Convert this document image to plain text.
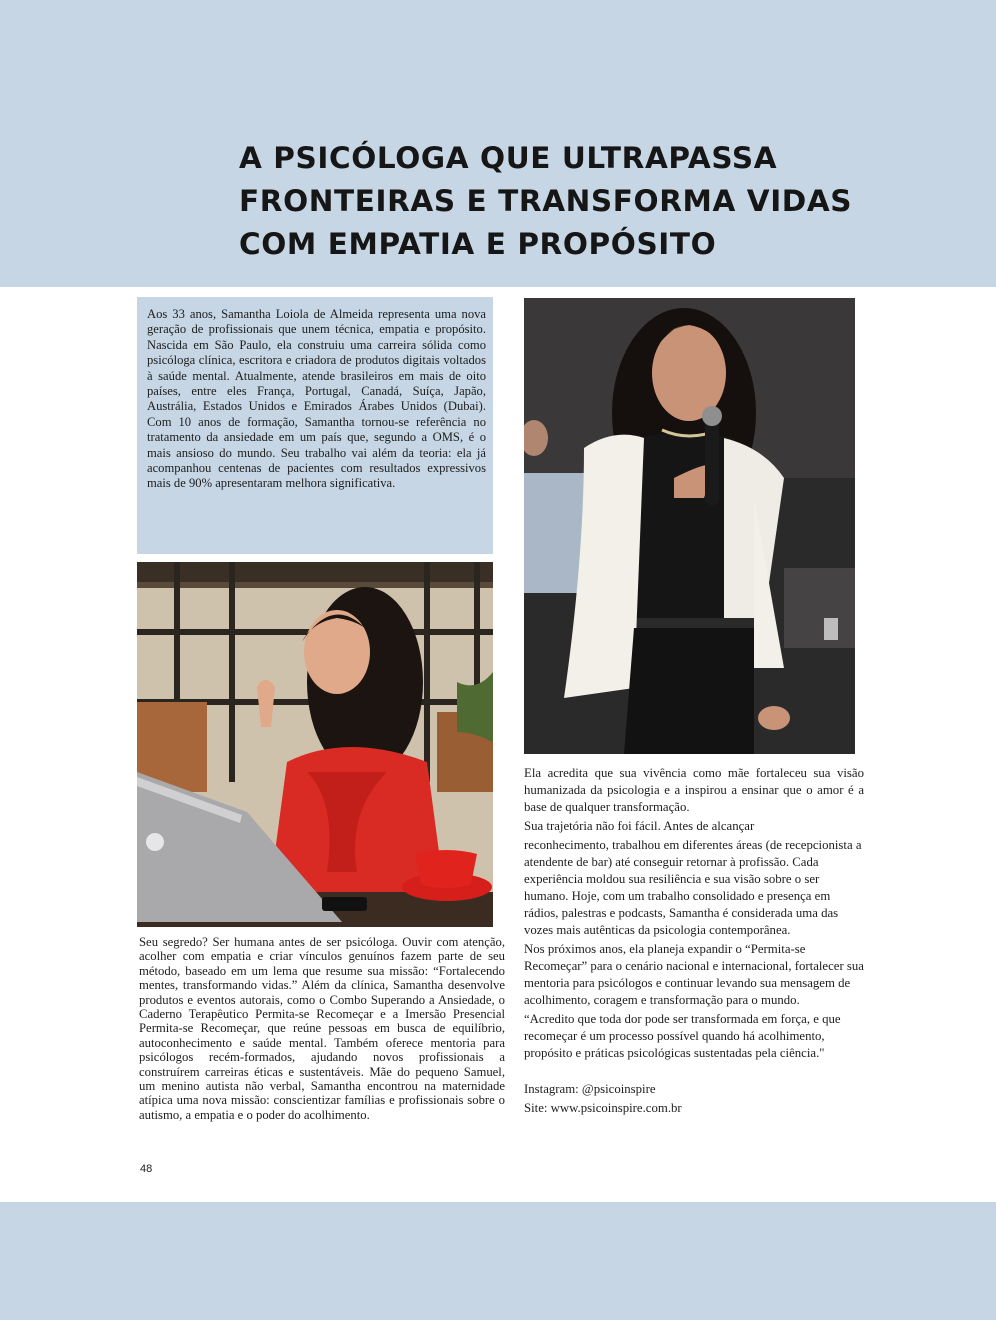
A PSICÓLOGA QUE ULTRAPASSA
FRONTEIRAS E TRANSFORMA VIDAS
COM EMPATIA E PROPÓSITO

Aos 33 anos, Samantha Loiola de Almeida representa uma nova geração de profissionais que unem técnica, empatia e propósito. Nascida em São Paulo, ela construiu uma carreira sólida como psicóloga clínica, escritora e criadora de produtos digitais voltados à saúde mental. Atualmente, atende brasileiros em mais de oito países, entre eles França, Portugal, Canadá, Suíça, Japão, Austrália, Estados Unidos e Emirados Árabes Unidos (Dubai). Com 10 anos de formação, Samantha tornou-se referência no tratamento da ansiedade em um país que, segundo a OMS, é o mais ansioso do mundo. Seu trabalho vai além da teoria: ela já acompanhou centenas de pacientes com resultados expressivos mais de 90% apresentaram melhora significativa.

Seu segredo? Ser humana antes de ser psicóloga. Ouvir com atenção, acolher com empatia e criar vínculos genuínos fazem parte de seu método, baseado em um lema que resume sua missão: “Fortalecendo mentes, transformando vidas.” Além da clínica, Samantha desenvolve produtos e eventos autorais, como o Combo Superando a Ansiedade, o Caderno Terapêutico Permita-se Recomeçar e a Imersão Presencial Permita-se Recomeçar, que reúne pessoas em busca de equilíbrio, autoconhecimento e saúde mental. Também oferece mentoria para psicólogos recém-formados, ajudando novos profissionais a construírem carreiras éticas e sustentáveis. Mãe do pequeno Samuel, um menino autista não verbal, Samantha encontrou na maternidade atípica uma nova missão: conscientizar famílias e profissionais sobre o autismo, a empatia e o poder do acolhimento.

48

Ela acredita que sua vivência como mãe fortaleceu sua visão humanizada da psicologia e a inspirou a ensinar que o amor é a base de qualquer transformação.

Sua trajetória não foi fácil. Antes de alcançar

reconhecimento, trabalhou em diferentes áreas (de recepcionista a atendente de bar) até conseguir retornar à profissão. Cada experiência moldou sua resiliência e sua visão sobre o ser humano. Hoje, com um trabalho consolidado e presença em rádios, palestras e podcasts, Samantha é considerada uma das vozes mais autênticas da psicologia contemporânea.

Nos próximos anos, ela planeja expandir o “Permita-se Recomeçar” para o cenário nacional e internacional, fortalecer sua mentoria para psicólogos e continuar levando sua mensagem de acolhimento, coragem e transformação para o mundo.

“Acredito que toda dor pode ser transformada em força, e que recomeçar é um processo possível quando há acolhimento, propósito e práticas psicológicas sustentadas pela ciência."

Instagram: @psicoinspire

Site: www.psicoinspire.com.br
